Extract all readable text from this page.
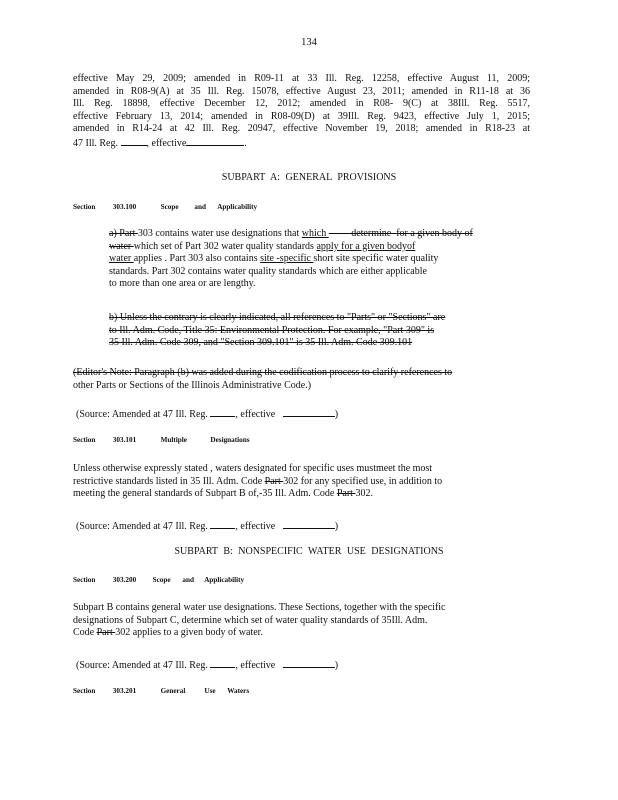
134
effective May 29, 2009; amended in R09-11 at 33 Ill. Reg. 12258, effective August 11, 2009;
amended in R08-9(A) at 35 Ill. Reg. 15078, effective August 23, 2011; amended in R11-18 at 36
Ill. Reg. 18898, effective December 12, 2012; amended in R08- 9(C) at 38Ill. Reg. 5517,
effective February 13, 2014; amended in R08-09(D) at 39Ill. Reg. 9423, effective July 1, 2015;
amended in R14-24 at 42 Ill. Reg. 20947, effective November 19, 2018; amended in R18-23 at
47 Ill. Reg.	, effective	.
SUBPART A: GENERAL PROVISIONS
Section 303.100	Scope and Applicability
a) Part 303 contains water use designations that which          determine  for a given body of
water which set of Part 302 water quality standards apply for a given bodyof
water applies . Part 303 also contains site -specific short site specific water quality
standards. Part 302 contains water quality standards which are either applicable
to more than one area or are lengthy.
b) Unless the contrary is clearly indicated, all references to "Parts" or "Sections" are
to Ill. Adm. Code, Title 35: Environmental Protection. For example, "Part 309" is
35 Ill. Adm. Code 309, and "Section 309.101" is 35 Ill. Adm. Code 309.101
(Editor's Note: Paragraph (b) was added during the codification process to clarify references to
other Parts or Sections of the Illinois Administrative Code.)
(Source: Amended at 47 Ill. Reg.	, effective	)
Section 303.101	Multiple	Designations
Unless otherwise expressly stated , waters designated for specific uses mustmeet the most
restrictive standards listed in 35 Ill. Adm. Code Part 302 for any specified use, in addition to
meeting the general standards of Subpart B of,-35 Ill. Adm. Code Part 302.
(Source: Amended at 47 Ill. Reg.	, effective	)
SUBPART B: NONSPECIFIC WATER USE DESIGNATIONS
Section 303.200 Scope and Applicability
Subpart B contains general water use designations. These Sections, together with the specific
designations of Subpart C, determine which set of water quality standards of 35Ill. Adm.
Code Part 302 applies to a given body of water.
(Source: Amended at 47 Ill. Reg.	, effective	)
Section 303.201	General	Use Waters
